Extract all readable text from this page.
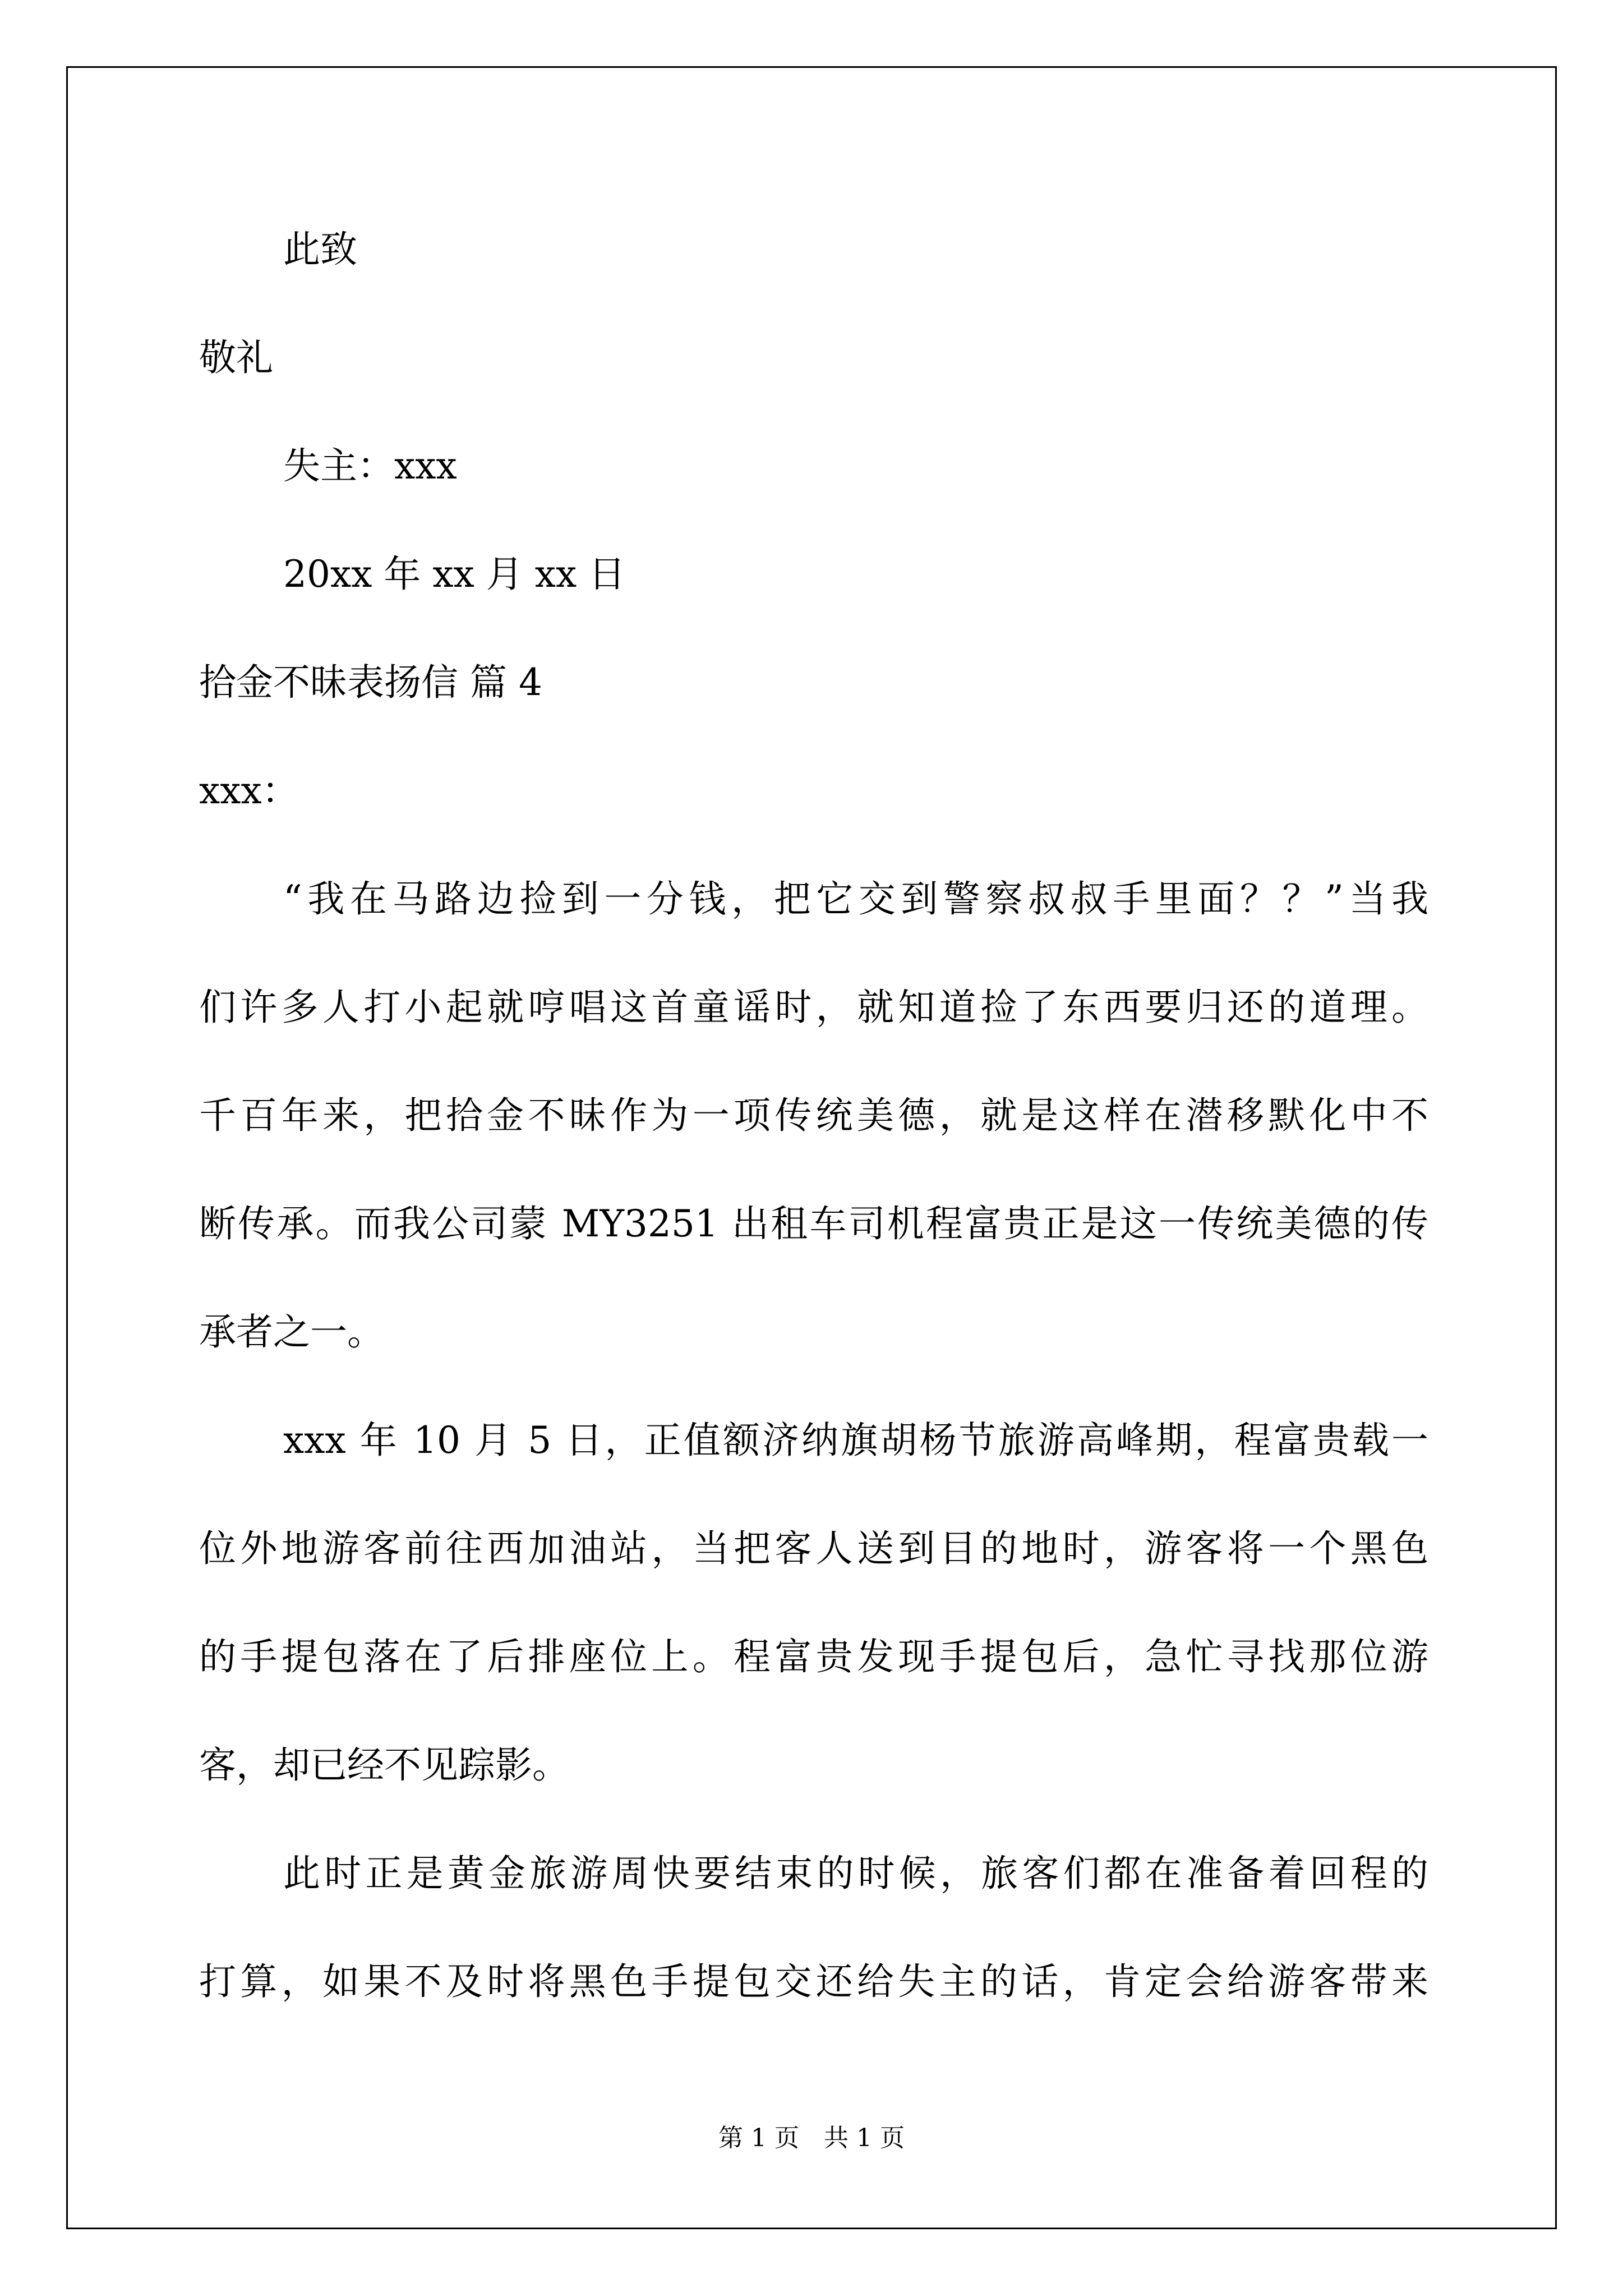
此致
敬礼
失主：xxx
20xx 年 xx 月 xx 日
拾金不昧表扬信 篇 4
xxx：
“我在马路边捡到一分钱，把它交到警察叔叔手里面？？”当我
们许多人打小起就哼唱这首童谣时，就知道捡了东西要归还的道理。
千百年来，把拾金不昧作为一项传统美德，就是这样在潜移默化中不
断传承。而我公司蒙 MY3251 出租车司机程富贵正是这一传统美德的传
承者之一。
xxx 年 10 月 5 日，正值额济纳旗胡杨节旅游高峰期，程富贵载一
位外地游客前往西加油站，当把客人送到目的地时，游客将一个黑色
的手提包落在了后排座位上。程富贵发现手提包后，急忙寻找那位游
客，却已经不见踪影。
此时正是黄金旅游周快要结束的时候，旅客们都在准备着回程的
打算，如果不及时将黑色手提包交还给失主的话，肯定会给游客带来
第 1 页　共 1 页
